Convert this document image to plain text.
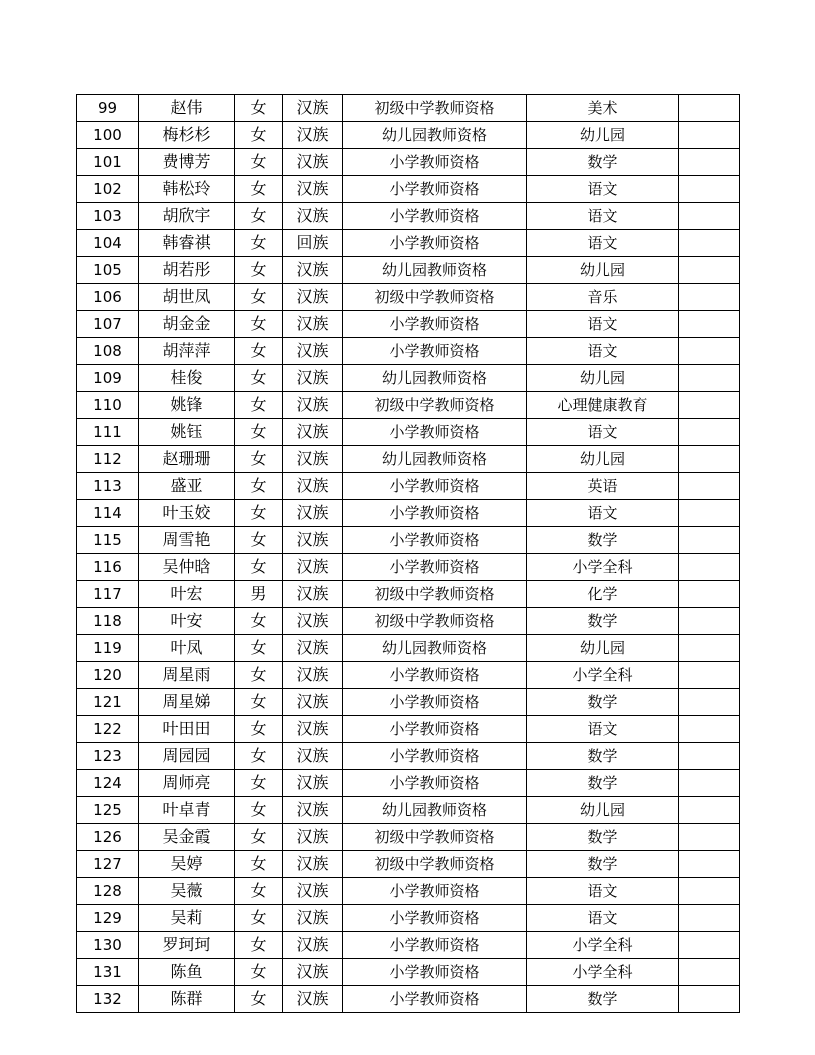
99	赵伟	女	汉族	初级中学教师资格	美术	
100	梅杉杉	女	汉族	幼儿园教师资格	幼儿园	
101	费博芳	女	汉族	小学教师资格	数学	
102	韩松玲	女	汉族	小学教师资格	语文	
103	胡欣宇	女	汉族	小学教师资格	语文	
104	韩睿祺	女	回族	小学教师资格	语文	
105	胡若彤	女	汉族	幼儿园教师资格	幼儿园	
106	胡世凤	女	汉族	初级中学教师资格	音乐	
107	胡金金	女	汉族	小学教师资格	语文	
108	胡萍萍	女	汉族	小学教师资格	语文	
109	桂俊	女	汉族	幼儿园教师资格	幼儿园	
110	姚锋	女	汉族	初级中学教师资格	心理健康教育	
111	姚钰	女	汉族	小学教师资格	语文	
112	赵珊珊	女	汉族	幼儿园教师资格	幼儿园	
113	盛亚	女	汉族	小学教师资格	英语	
114	叶玉姣	女	汉族	小学教师资格	语文	
115	周雪艳	女	汉族	小学教师资格	数学	
116	吴仲晗	女	汉族	小学教师资格	小学全科	
117	叶宏	男	汉族	初级中学教师资格	化学	
118	叶安	女	汉族	初级中学教师资格	数学	
119	叶凤	女	汉族	幼儿园教师资格	幼儿园	
120	周星雨	女	汉族	小学教师资格	小学全科	
121	周星娣	女	汉族	小学教师资格	数学	
122	叶田田	女	汉族	小学教师资格	语文	
123	周园园	女	汉族	小学教师资格	数学	
124	周师亮	女	汉族	小学教师资格	数学	
125	叶卓青	女	汉族	幼儿园教师资格	幼儿园	
126	吴金霞	女	汉族	初级中学教师资格	数学	
127	吴婷	女	汉族	初级中学教师资格	数学	
128	吴薇	女	汉族	小学教师资格	语文	
129	吴莉	女	汉族	小学教师资格	语文	
130	罗珂珂	女	汉族	小学教师资格	小学全科	
131	陈鱼	女	汉族	小学教师资格	小学全科	
132	陈群	女	汉族	小学教师资格	数学	
